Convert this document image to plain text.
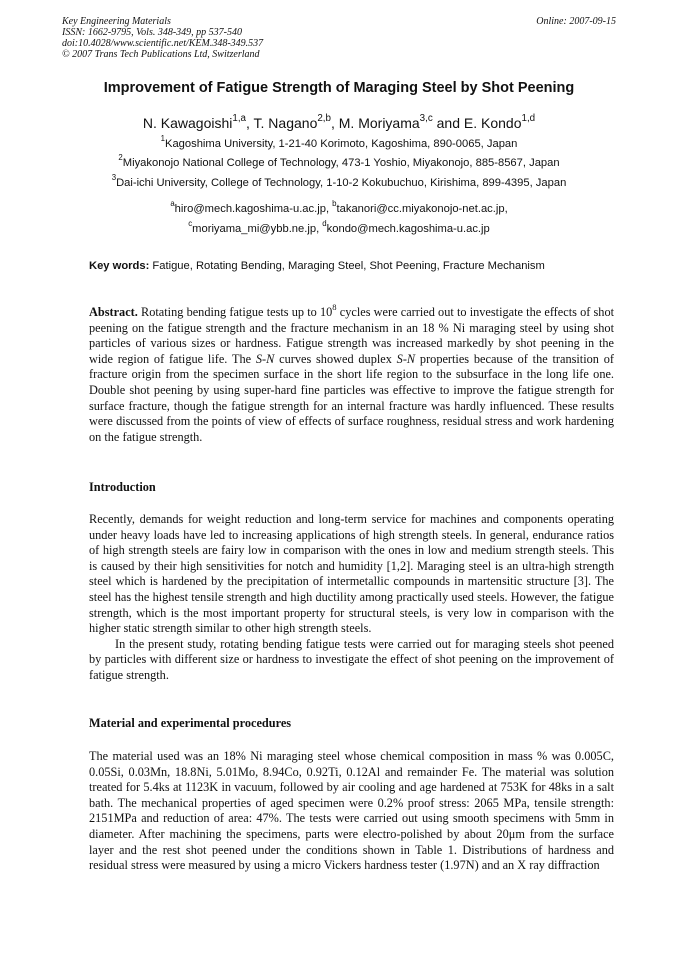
Key Engineering Materials
ISSN: 1662-9795, Vols. 348-349, pp 537-540
doi:10.4028/www.scientific.net/KEM.348-349.537
© 2007 Trans Tech Publications Ltd, Switzerland
Online: 2007-09-15
Improvement of Fatigue Strength of Maraging Steel by Shot Peening
N. Kawagoishi$^{1,a}$, T. Nagano$^{2,b}$, M. Moriyama$^{3,c}$ and E. Kondo$^{1,d}$
$^1$Kagoshima University, 1-21-40 Korimoto, Kagoshima, 890-0065, Japan
$^2$Miyakonojo National College of Technology, 473-1 Yoshio, Miyakonojo, 885-8567, Japan
$^3$Dai-ichi University, College of Technology, 1-10-2 Kokubuchuo, Kirishima, 899-4395, Japan
$^a$hiro@mech.kagoshima-u.ac.jp, $^b$takanori@cc.miyakonojo-net.ac.jp,
$^c$moriyama_mi@ybb.ne.jp, $^d$kondo@mech.kagoshima-u.ac.jp
Key words: Fatigue, Rotating Bending, Maraging Steel, Shot Peening, Fracture Mechanism

Abstract. Rotating bending fatigue tests up to $10^8$ cycles were carried out to investigate the effects of shot peening on the fatigue strength and the fracture mechanism in an 18 % Ni maraging steel by using shot particles of various sizes or hardness. Fatigue strength was increased markedly by shot peening in the wide region of fatigue life. The S-N curves showed duplex S-N properties because of the transition of fracture origin from the specimen surface in the short life region to the subsurface in the long life one. Double shot peening by using super-hard fine particles was effective to improve the fatigue strength for surface fracture, though the fatigue strength for an internal fracture was hardly influenced. These results were discussed from the points of view of effects of surface roughness, residual stress and work hardening on the fatigue strength.

Introduction

Recently, demands for weight reduction and long-term service for machines and components operating under heavy loads have led to increasing applications of high strength steels. In general, endurance ratios of high strength steels are fairy low in comparison with the ones in low and medium strength steels. This is caused by their high sensitivities for notch and humidity [1,2]. Maraging steel is an ultra-high strength steel which is hardened by the precipitation of intermetallic compounds in martensitic structure [3]. The steel has the highest tensile strength and high ductility among practically used steels. However, the fatigue strength, which is the most important property for structural steels, is very low in comparison with the higher static strength similar to other high strength steels.

In the present study, rotating bending fatigue tests were carried out for maraging steels shot peened by particles with different size or hardness to investigate the effect of shot peening on the improvement of fatigue strength.

Material and experimental procedures

The material used was an 18% Ni maraging steel whose chemical composition in mass % was 0.005C, 0.05Si, 0.03Mn, 18.8Ni, 5.01Mo, 8.94Co, 0.92Ti, 0.12Al and remainder Fe. The material was solution treated for 5.4ks at 1123K in vacuum, followed by air cooling and age hardened at 753K for 48ks in a salt bath. The mechanical properties of aged specimen were 0.2% proof stress: 2065 MPa, tensile strength: 2151MPa and reduction of area: 47%. The tests were carried out using smooth specimens with 5mm in diameter. After machining the specimens, parts were electro-polished by about 20μm from the surface layer and the rest shot peened under the conditions shown in Table 1. Distributions of hardness and residual stress were measured by using a micro Vickers hardness tester (1.97N) and an X ray diffraction
